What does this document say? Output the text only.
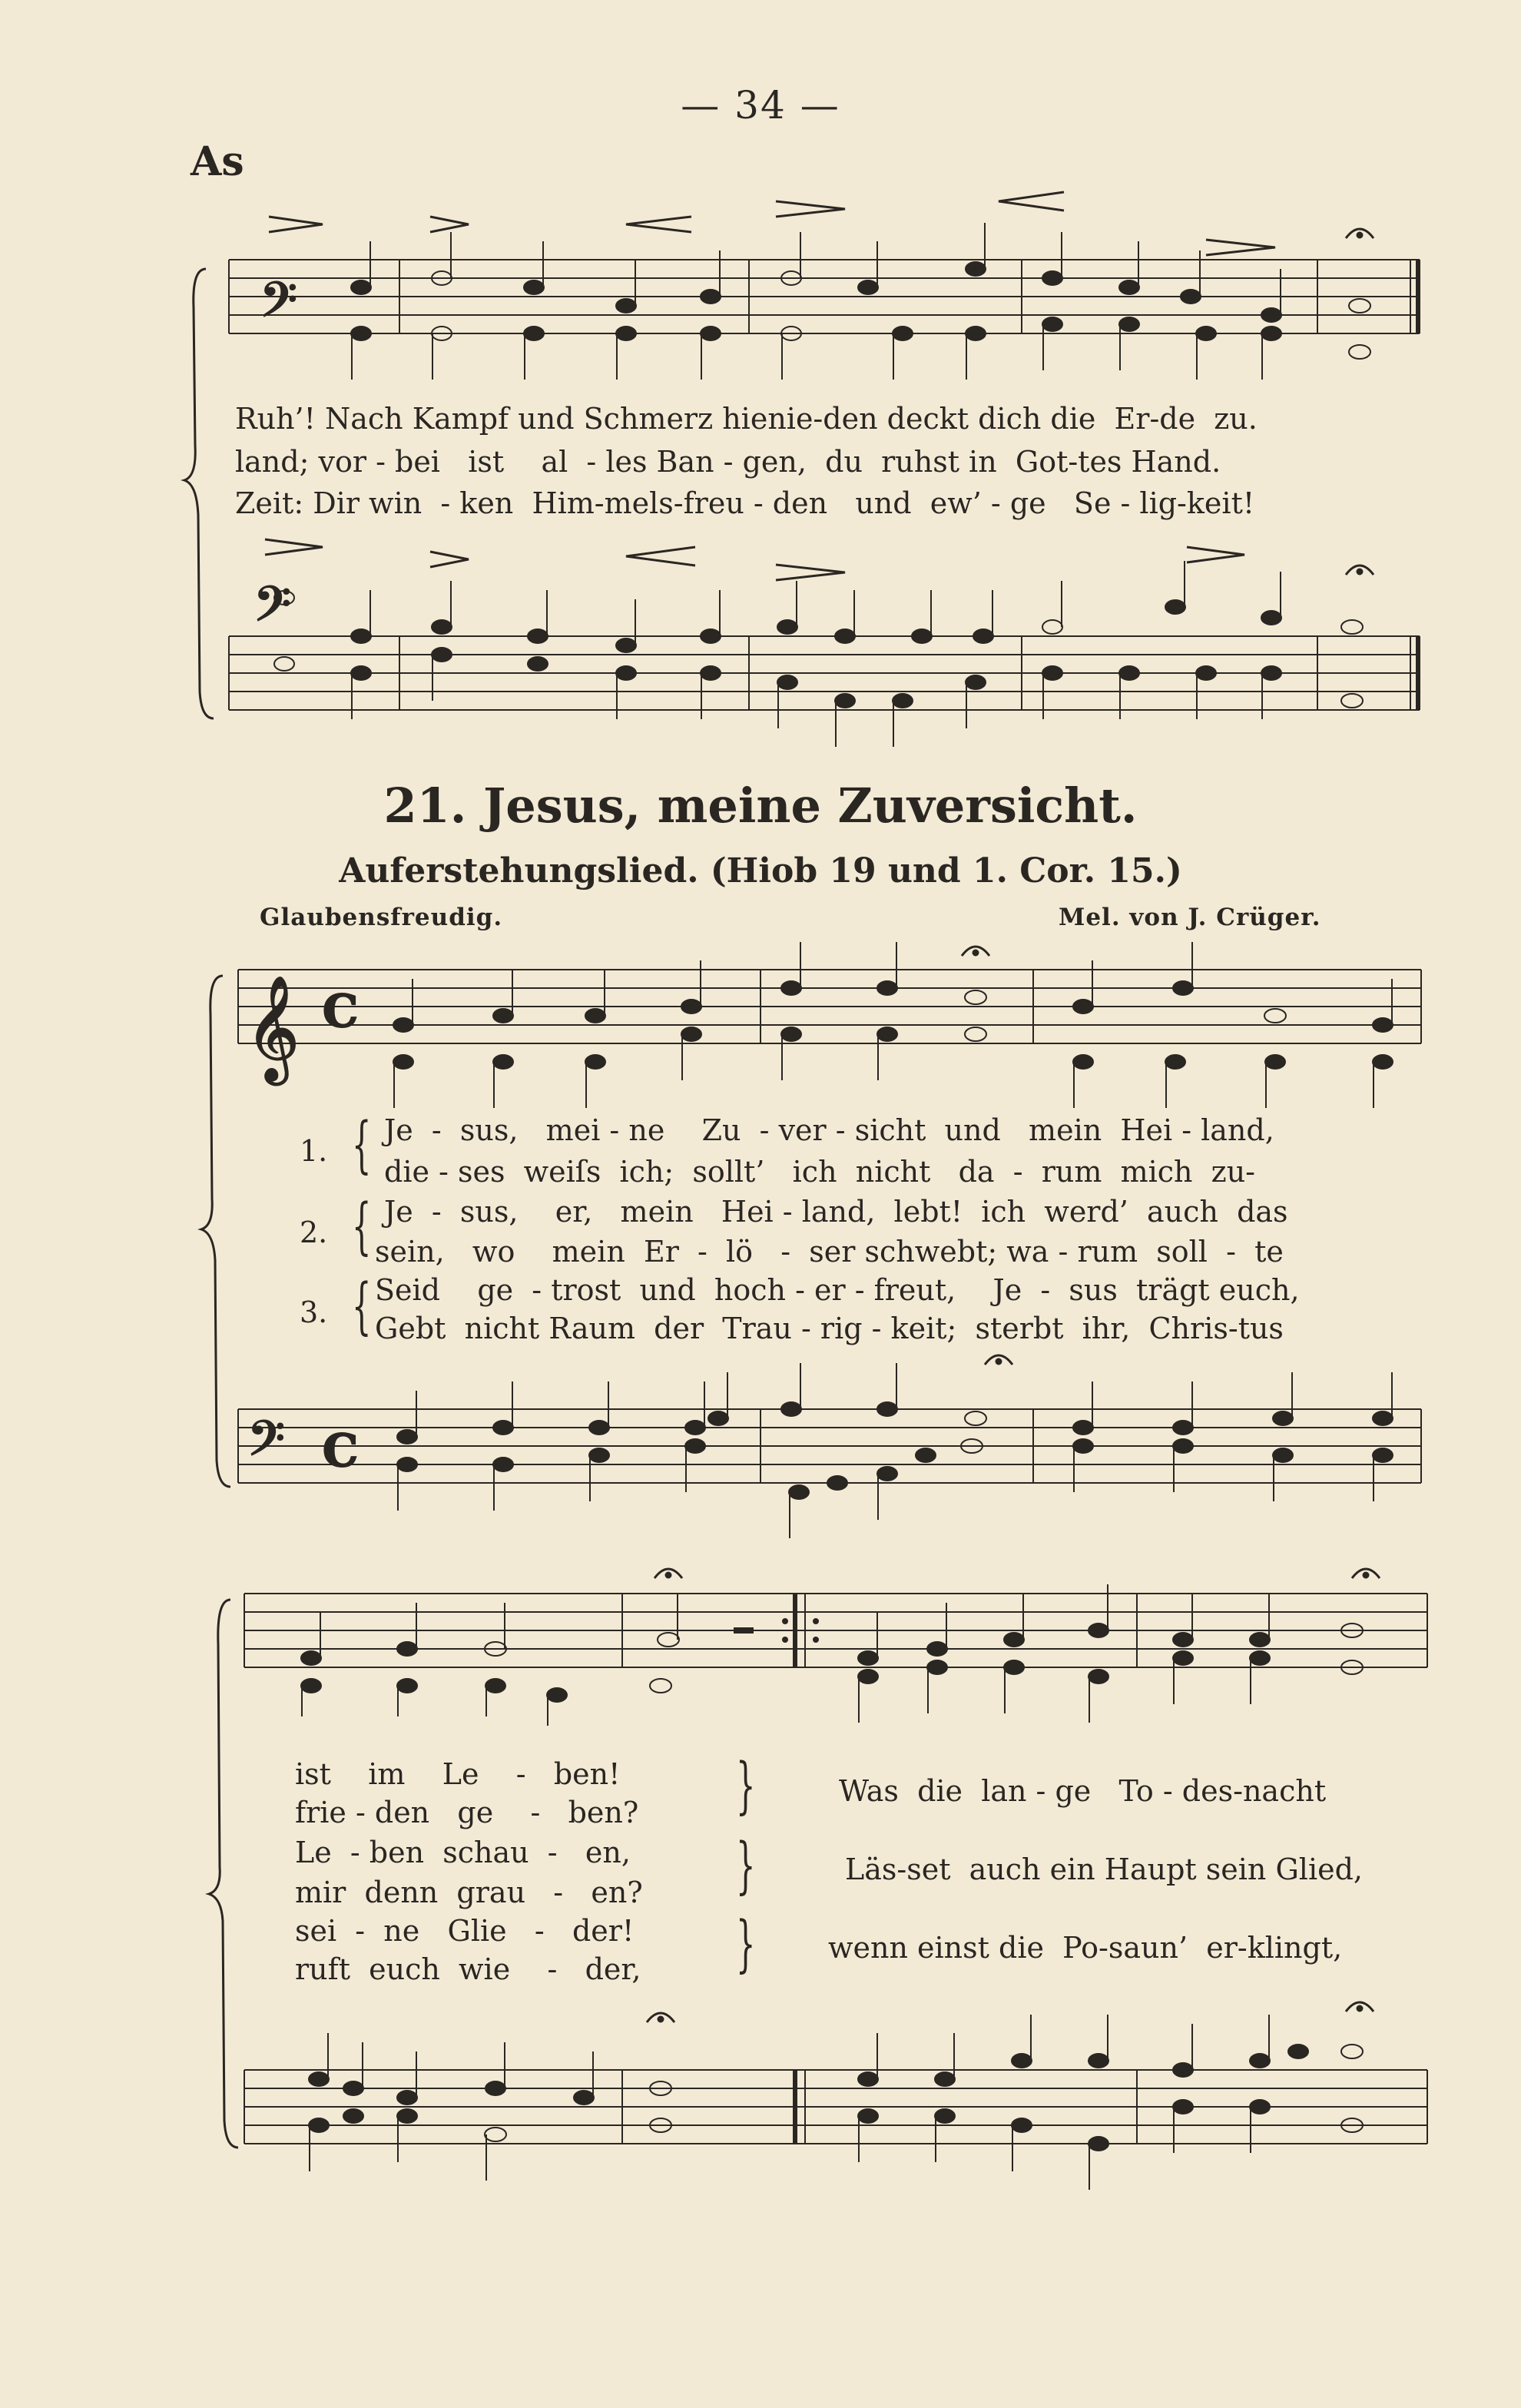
— 34 —
As
𝄢
𝄞 C
𝄢 C
𝄢
Ruh’! Nach Kampf und Schmerz hienie-den deckt dich die  Er-de  zu.
land; vor - bei   ist    al  - les Ban - gen,  du  ruhst in  Got-tes Hand.
Zeit: Dir win  - ken  Him-mels-freu - den   und  ew’ - ge   Se - lig-keit!
21. Jesus, meine Zuversicht.
Auferstehungslied. (Hiob 19 und 1. Cor. 15.)
Glaubensfreudig.	Mel. von J. Crüger.
1.
2.
3.
{
{
{
Je  -  sus,   mei - ne    Zu  - ver - sicht  und   mein  Hei - land,
die - ses  weiſs  ich;  sollt’   ich  nicht   da  -  rum  mich  zu-
Je  -  sus,    er,   mein   Hei - land,  lebt!  ich  werd’  auch  das
sein,   wo    mein  Er  -  lö   -  ser schwebt; wa - rum  soll  -  te
Seid    ge  - trost  und  hoch - er - freut,    Je  -  sus  trägt euch,
Gebt  nicht Raum  der  Trau - rig - keit;  sterbt  ihr,  Chris-tus
ist    im    Le    -   ben!
frie - den   ge    -   ben?
Le  - ben  schau  -   en,
mir  denn  grau   -   en?
sei  -  ne   Glie   -   der!
ruft  euch  wie    -   der,
}
}
}
Was  die  lan - ge   To - des-nacht
Läs-set  auch ein Haupt sein Glied,
wenn einst die  Po-saun’  er-klingt,
